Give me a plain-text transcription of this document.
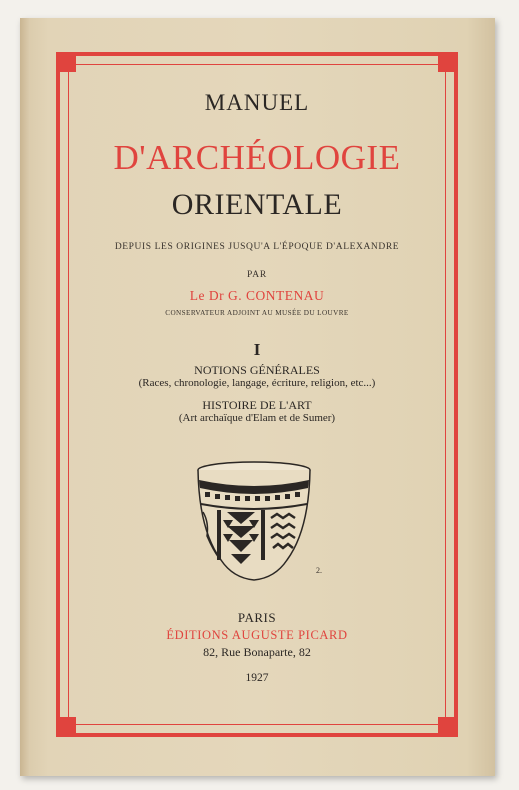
MANUEL
D'ARCHÉOLOGIE
ORIENTALE
DEPUIS LES ORIGINES JUSQU'A L'ÉPOQUE D'ALEXANDRE
PAR
Le Dr G. CONTENAU
CONSERVATEUR ADJOINT AU MUSÉE DU LOUVRE
I
NOTIONS GÉNÉRALES
(Races, chronologie, langage, écriture, religion, etc...)
HISTOIRE DE L'ART
(Art archaïque d'Elam et de Sumer)
2.
PARIS
ÉDITIONS AUGUSTE PICARD
82, Rue Bonaparte, 82
1927
